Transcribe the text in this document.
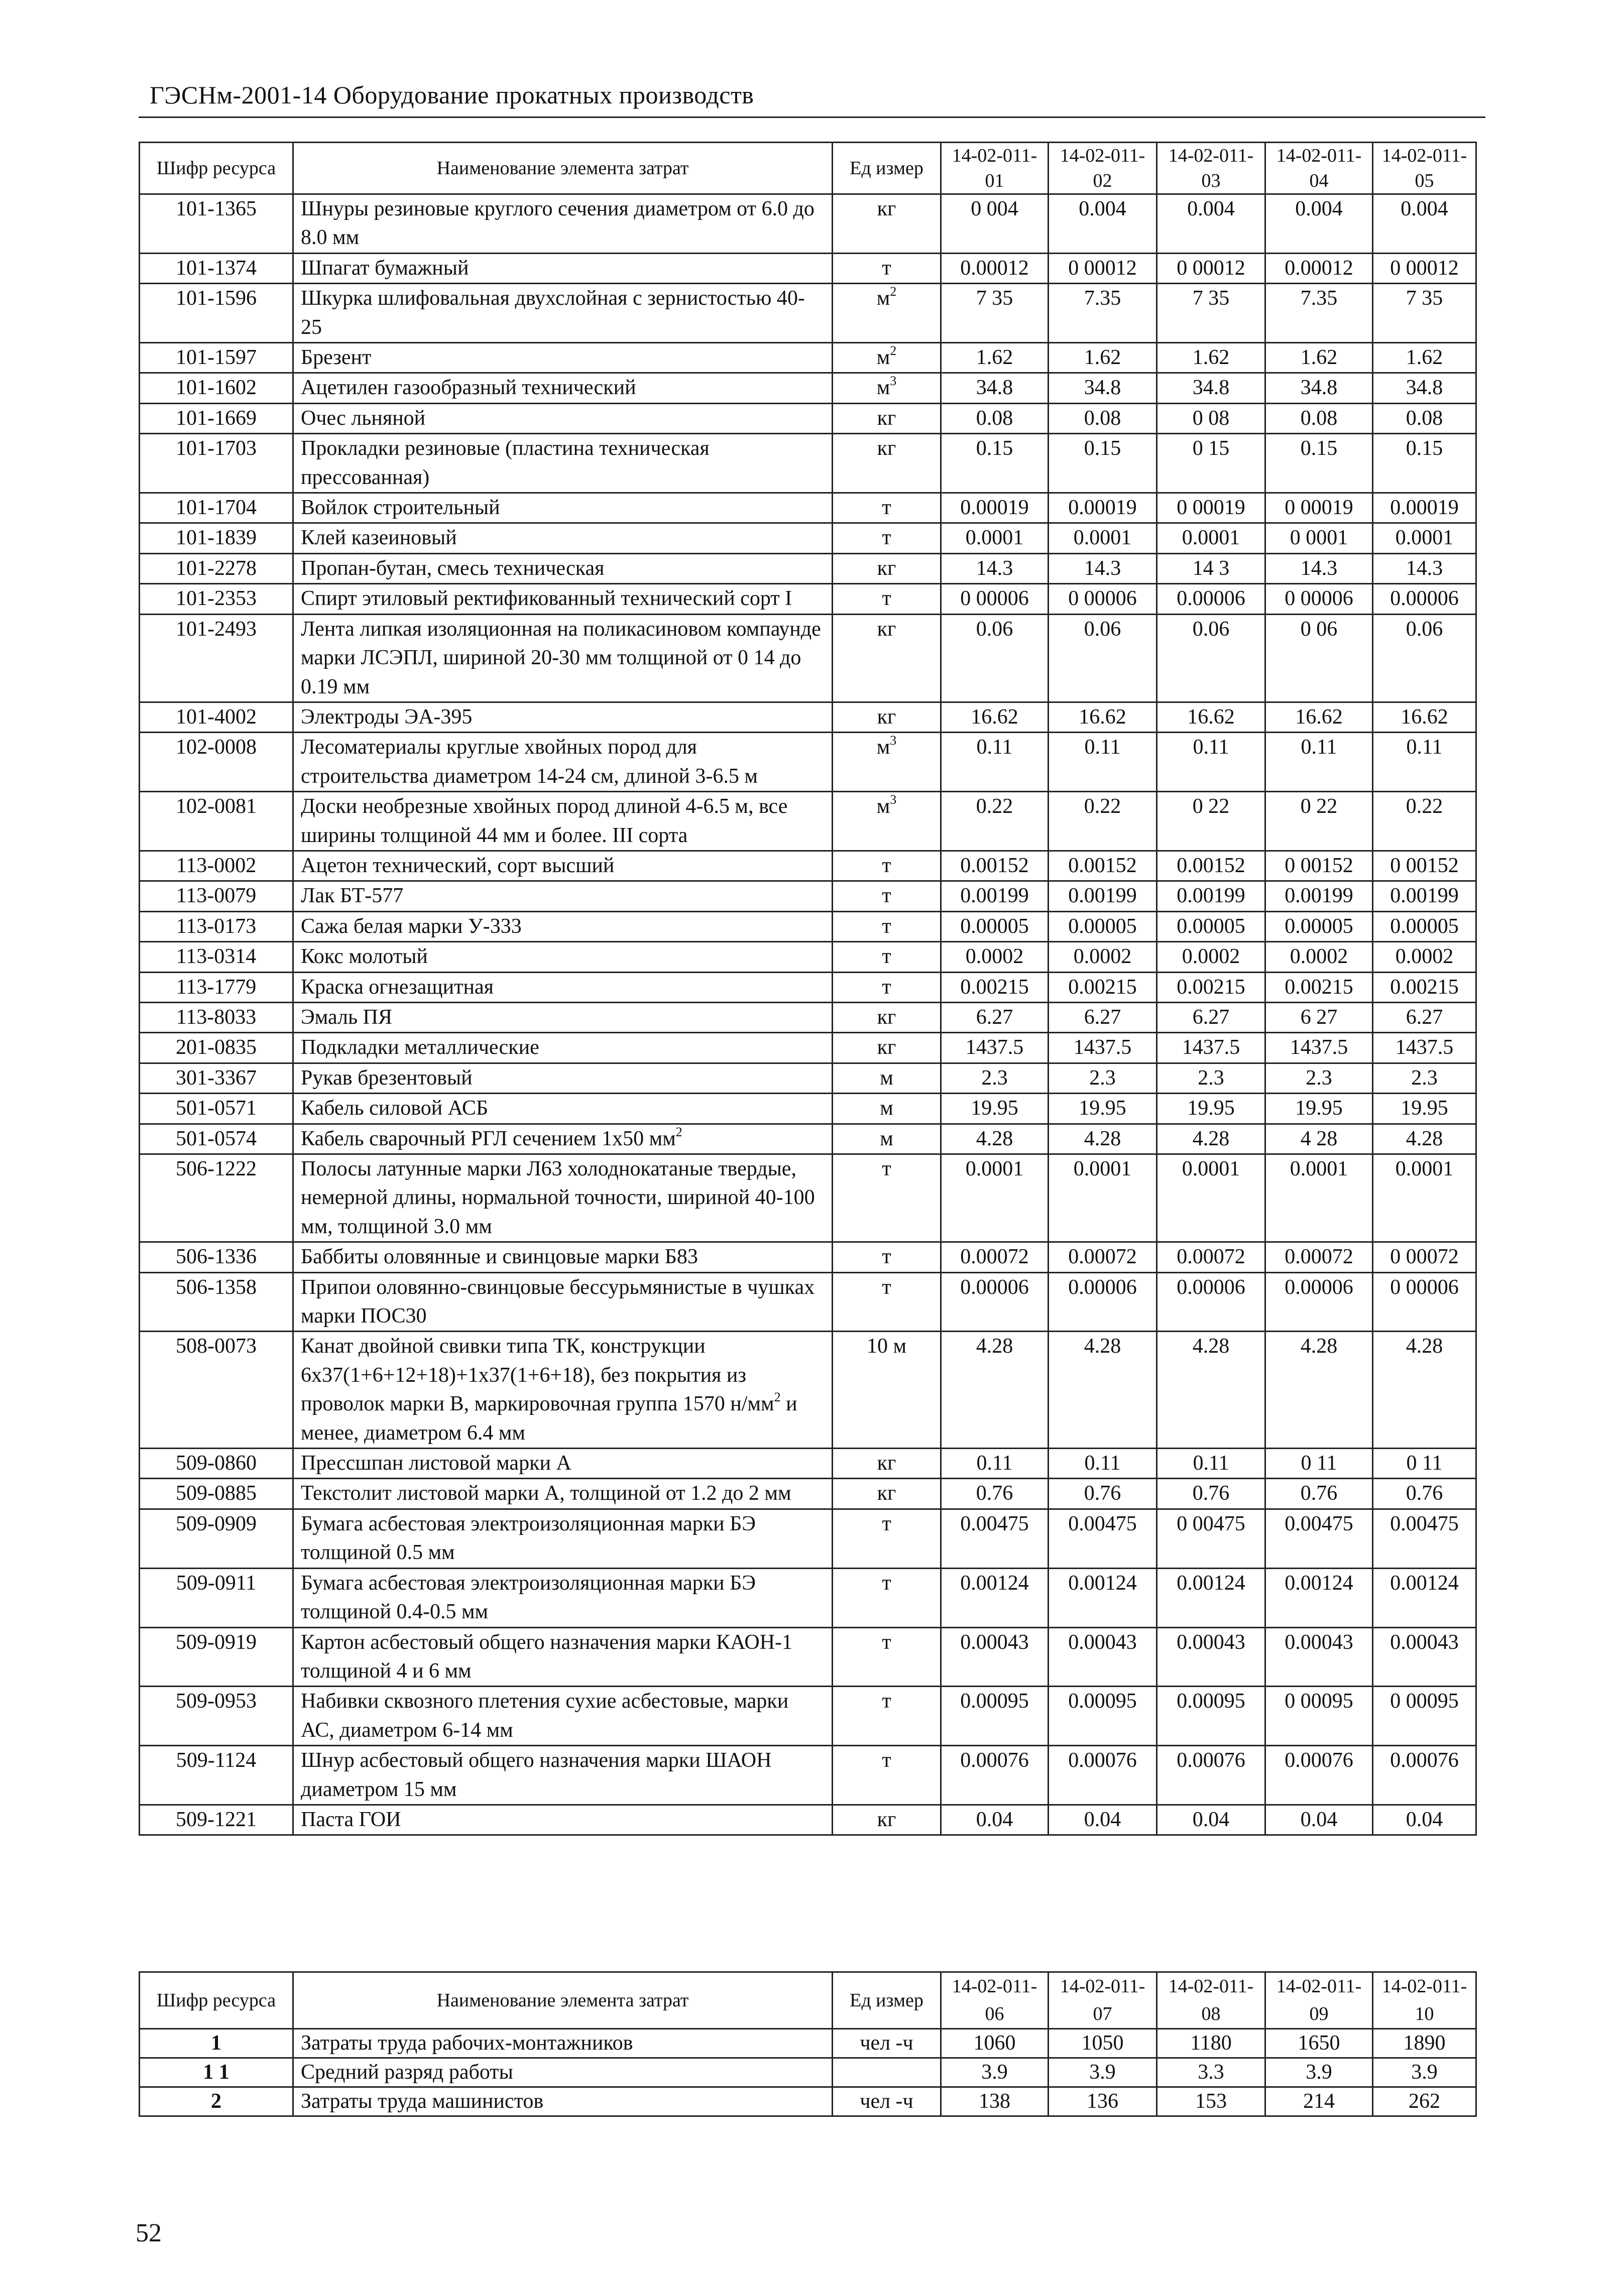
ГЭСНм-2001-14 Оборудование прокатных производств
Шифр ресурса	Наименование элемента затрат	Ед измер	14-02-011-01	14-02-011-02	14-02-011-03	14-02-011-04	14-02-011-05
101-1365	Шнуры резиновые круглого сечения диаметром от 6.0 до 8.0 мм	кг	0 004	0.004	0.004	0.004	0.004
101-1374	Шпагат бумажный	т	0.00012	0 00012	0 00012	0.00012	0 00012
101-1596	Шкурка шлифовальная двухслойная с зернистостью 40-25	$м^2$	7 35	7.35	7 35	7.35	7 35
101-1597	Брезент	$м^2$	1.62	1.62	1.62	1.62	1.62
101-1602	Ацетилен газообразный технический	$м^3$	34.8	34.8	34.8	34.8	34.8
101-1669	Очес льняной	кг	0.08	0.08	0 08	0.08	0.08
101-1703	Прокладки резиновые (пластина техническая прессованная)	кг	0.15	0.15	0 15	0.15	0.15
101-1704	Войлок строительный	т	0.00019	0.00019	0 00019	0 00019	0.00019
101-1839	Клей казеиновый	т	0.0001	0.0001	0.0001	0 0001	0.0001
101-2278	Пропан-бутан, смесь техническая	кг	14.3	14.3	14 3	14.3	14.3
101-2353	Спирт этиловый ректификованный технический сорт I	т	0 00006	0 00006	0.00006	0 00006	0.00006
101-2493	Лента липкая изоляционная на поликасиновом компаунде марки ЛСЭПЛ, шириной 20-30 мм толщиной от 0 14 до 0.19 мм	кг	0.06	0.06	0.06	0 06	0.06
101-4002	Электроды ЭА-395	кг	16.62	16.62	16.62	16.62	16.62
102-0008	Лесоматериалы круглые хвойных пород для строительства диаметром 14-24 см, длиной 3-6.5 м	$м^3$	0.11	0.11	0.11	0.11	0.11
102-0081	Доски необрезные хвойных пород длиной 4-6.5 м, все ширины толщиной 44 мм и более. III сорта	$м^3$	0.22	0.22	0 22	0 22	0.22
113-0002	Ацетон технический, сорт высший	т	0.00152	0.00152	0.00152	0 00152	0 00152
113-0079	Лак БТ-577	т	0.00199	0.00199	0.00199	0.00199	0.00199
113-0173	Сажа белая марки У-333	т	0.00005	0.00005	0.00005	0.00005	0.00005
113-0314	Кокс молотый	т	0.0002	0.0002	0.0002	0.0002	0.0002
113-1779	Краска огнезащитная	т	0.00215	0.00215	0.00215	0.00215	0.00215
113-8033	Эмаль ПЯ	кг	6.27	6.27	6.27	6 27	6.27
201-0835	Подкладки металлические	кг	1437.5	1437.5	1437.5	1437.5	1437.5
301-3367	Рукав брезентовый	м	2.3	2.3	2.3	2.3	2.3
501-0571	Кабель силовой АСБ	м	19.95	19.95	19.95	19.95	19.95
501-0574	Кабель сварочный РГЛ сечением 1х50 $мм^2$	м	4.28	4.28	4.28	4 28	4.28
506-1222	Полосы латунные марки Л63 холоднокатаные твердые, немерной длины, нормальной точности, шириной 40-100 мм, толщиной 3.0 мм	т	0.0001	0.0001	0.0001	0.0001	0.0001
506-1336	Баббиты оловянные и свинцовые марки Б83	т	0.00072	0.00072	0.00072	0.00072	0 00072
506-1358	Припои оловянно-свинцовые бессурьмянистые в чушках марки ПОС30	т	0.00006	0.00006	0.00006	0.00006	0 00006
508-0073	Канат двойной свивки типа ТК, конструкции 6х37(1+6+12+18)+1х37(1+6+18), без покрытия из проволок марки В, маркировочная группа 1570 $н/мм^2$ и менее, диаметром 6.4 мм	10 м	4.28	4.28	4.28	4.28	4.28
509-0860	Прессшпан листовой марки А	кг	0.11	0.11	0.11	0 11	0 11
509-0885	Текстолит листовой марки А, толщиной от 1.2 до 2 мм	кг	0.76	0.76	0.76	0.76	0.76
509-0909	Бумага асбестовая электроизоляционная марки БЭ толщиной 0.5 мм	т	0.00475	0.00475	0 00475	0.00475	0.00475
509-0911	Бумага асбестовая электроизоляционная марки БЭ толщиной 0.4-0.5 мм	т	0.00124	0.00124	0.00124	0.00124	0.00124
509-0919	Картон асбестовый общего назначения марки КАОН-1 толщиной 4 и 6 мм	т	0.00043	0.00043	0.00043	0.00043	0.00043
509-0953	Набивки сквозного плетения сухие асбестовые, марки АС, диаметром 6-14 мм	т	0.00095	0.00095	0.00095	0 00095	0 00095
509-1124	Шнур асбестовый общего назначения марки ШАОН диаметром 15 мм	т	0.00076	0.00076	0.00076	0.00076	0.00076
509-1221	Паста ГОИ	кг	0.04	0.04	0.04	0.04	0.04
Шифр ресурса	Наименование элемента затрат	Ед измер	14-02-011-06	14-02-011-07	14-02-011-08	14-02-011-09	14-02-011-10
1	Затраты труда рабочих-монтажников	чел -ч	1060	1050	1180	1650	1890
1 1	Средний разряд работы		3.9	3.9	3.3	3.9	3.9
2	Затраты труда машинистов	чел -ч	138	136	153	214	262
52
